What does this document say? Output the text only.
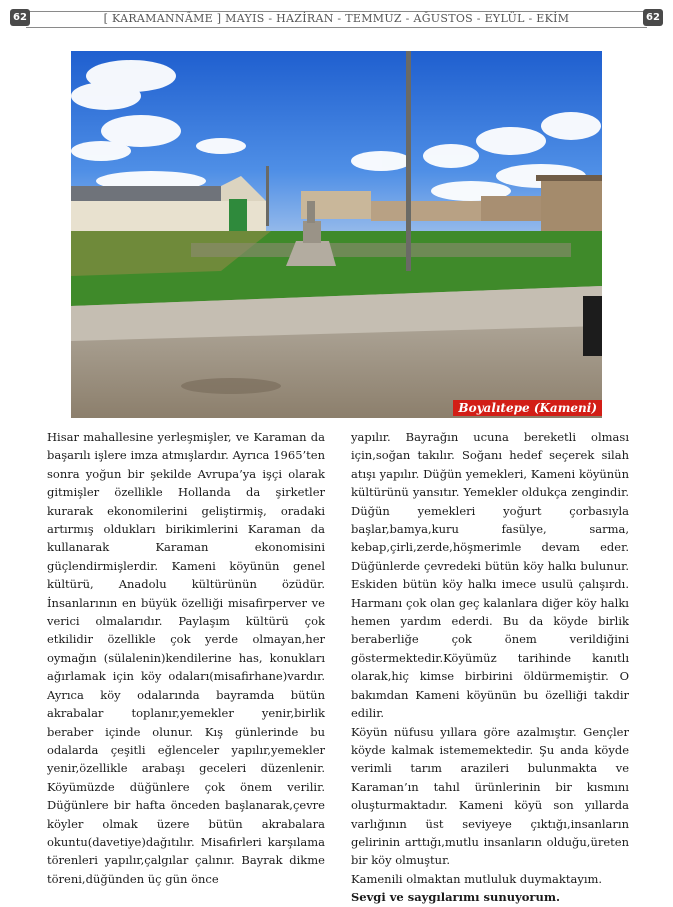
62	[ KARAMANNÂME ] MAYIS - HAZİRAN - TEMMUZ - AĞUSTOS - EYLÜL - EKİM	62
Boyalıtepe (Kameni)

Hisar mahallesine yerleşmişler, ve Karaman da başarılı işlere imza atmışlardır. Ayrıca 1965’ten sonra yoğun bir şekilde Avrupa’ya işçi olarak gitmişler özellikle Hollanda da şirketler kurarak ekonomilerini geliştirmiş, oradaki artırmış oldukları birikimlerini Karaman da kullanarak Karaman ekonomisini güçlendirmişlerdir. Kameni köyünün genel kültürü, Anadolu kültürünün özüdür. İnsanlarının en büyük özelliği misafirperver ve verici olmalarıdır. Paylaşım kültürü çok etkilidir özellikle çok yerde olmayan,her oymağın (sülalenin)kendilerine has, konukları ağırlamak için köy odaları(misafirhane)vardır. Ayrıca köy odalarında bayramda bütün akrabalar toplanır,yemekler yenir,birlik beraber içinde olunur. Kış günlerinde bu odalarda çeşitli eğlenceler yapılır,yemekler yenir,özellikle arabaşı geceleri düzenlenir. Köyümüzde düğünlere çok önem verilir. Düğünlere bir hafta önceden başlanarak,çevre köyler olmak üzere bütün akrabalara okuntu(davetiye)dağıtılır. Misafirleri karşılama törenleri yapılır,çalgılar çalınır. Bayrak dikme töreni,düğünden üç gün önce

yapılır. Bayrağın ucuna bereketli olması için,soğan takılır. Soğanı hedef seçerek silah atışı yapılır. Düğün yemekleri, Kameni köyünün kültürünü yansıtır. Yemekler oldukça zengindir. Düğün yemekleri yoğurt çorbasıyla başlar,bamya,kuru fasülye, sarma, kebap,çirli,zerde,höşmerimle devam eder. Düğünlerde çevredeki bütün köy halkı bulunur. Eskiden bütün köy halkı imece usulü çalışırdı. Harmanı çok olan geç kalanlara diğer köy halkı hemen yardım ederdi. Bu da köyde birlik beraberliğe çok önem verildiğini göstermektedir.Köyümüz tarihinde kanıtlı olarak,hiç kimse birbirini öldürmemiştir. O bakımdan Kameni köyünün bu özelliği takdir edilir.

Köyün nüfusu yıllara göre azalmıştır. Gençler köyde kalmak istememektedir. Şu anda köyde verimli tarım arazileri bulunmakta ve Karaman’ın tahıl ürünlerinin bir kısmını oluşturmaktadır. Kameni köyü son yıllarda varlığının üst seviyeye çıktığı,insanların gelirinin arttığı,mutlu insanların olduğu,üreten bir köy olmuştur.

Kamenili olmaktan mutluluk duymaktayım.

Sevgi ve saygılarımı sunuyorum.
